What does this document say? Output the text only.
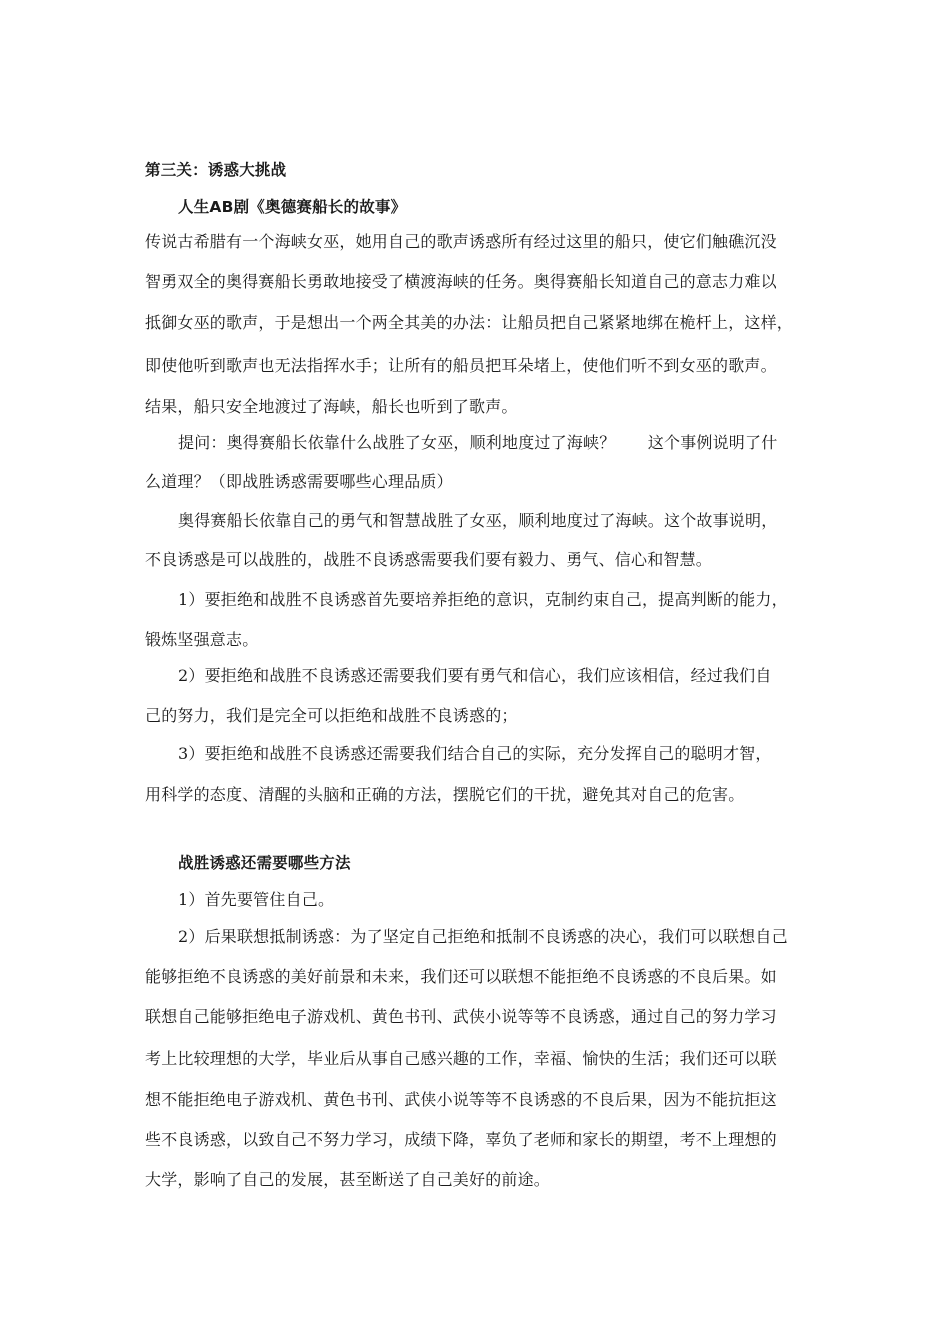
第三关：诱惑大挑战
人生AB剧《奥德赛船长的故事》
传说古希腊有一个海峡女巫，她用自己的歌声诱惑所有经过这里的船只，使它们触礁沉没
智勇双全的奥得赛船长勇敢地接受了横渡海峡的任务。奥得赛船长知道自己的意志力难以
抵御女巫的歌声，于是想出一个两全其美的办法：让船员把自己紧紧地绑在桅杆上，这样，
即使他听到歌声也无法指挥水手；让所有的船员把耳朵堵上，使他们听不到女巫的歌声。
结果，船只安全地渡过了海峡，船长也听到了歌声。
提问：奥得赛船长依靠什么战胜了女巫，顺利地度过了海峡？　　这个事例说明了什
么道理？（即战胜诱惑需要哪些心理品质）
奥得赛船长依靠自己的勇气和智慧战胜了女巫，顺利地度过了海峡。这个故事说明，
不良诱惑是可以战胜的，战胜不良诱惑需要我们要有毅力、勇气、信心和智慧。
1）要拒绝和战胜不良诱惑首先要培养拒绝的意识，克制约束自己，提高判断的能力，
锻炼坚强意志。
2）要拒绝和战胜不良诱惑还需要我们要有勇气和信心，我们应该相信，经过我们自
己的努力，我们是完全可以拒绝和战胜不良诱惑的；
3）要拒绝和战胜不良诱惑还需要我们结合自己的实际，充分发挥自己的聪明才智，
用科学的态度、清醒的头脑和正确的方法，摆脱它们的干扰，避免其对自己的危害。
战胜诱惑还需要哪些方法
1）首先要管住自己。
2）后果联想抵制诱惑：为了坚定自己拒绝和抵制不良诱惑的决心，我们可以联想自己
能够拒绝不良诱惑的美好前景和未来，我们还可以联想不能拒绝不良诱惑的不良后果。如
联想自己能够拒绝电子游戏机、黄色书刊、武侠小说等等不良诱惑，通过自己的努力学习
考上比较理想的大学，毕业后从事自己感兴趣的工作，幸福、愉快的生活；我们还可以联
想不能拒绝电子游戏机、黄色书刊、武侠小说等等不良诱惑的不良后果，因为不能抗拒这
些不良诱惑，以致自己不努力学习，成绩下降，辜负了老师和家长的期望，考不上理想的
大学，影响了自己的发展，甚至断送了自己美好的前途。
